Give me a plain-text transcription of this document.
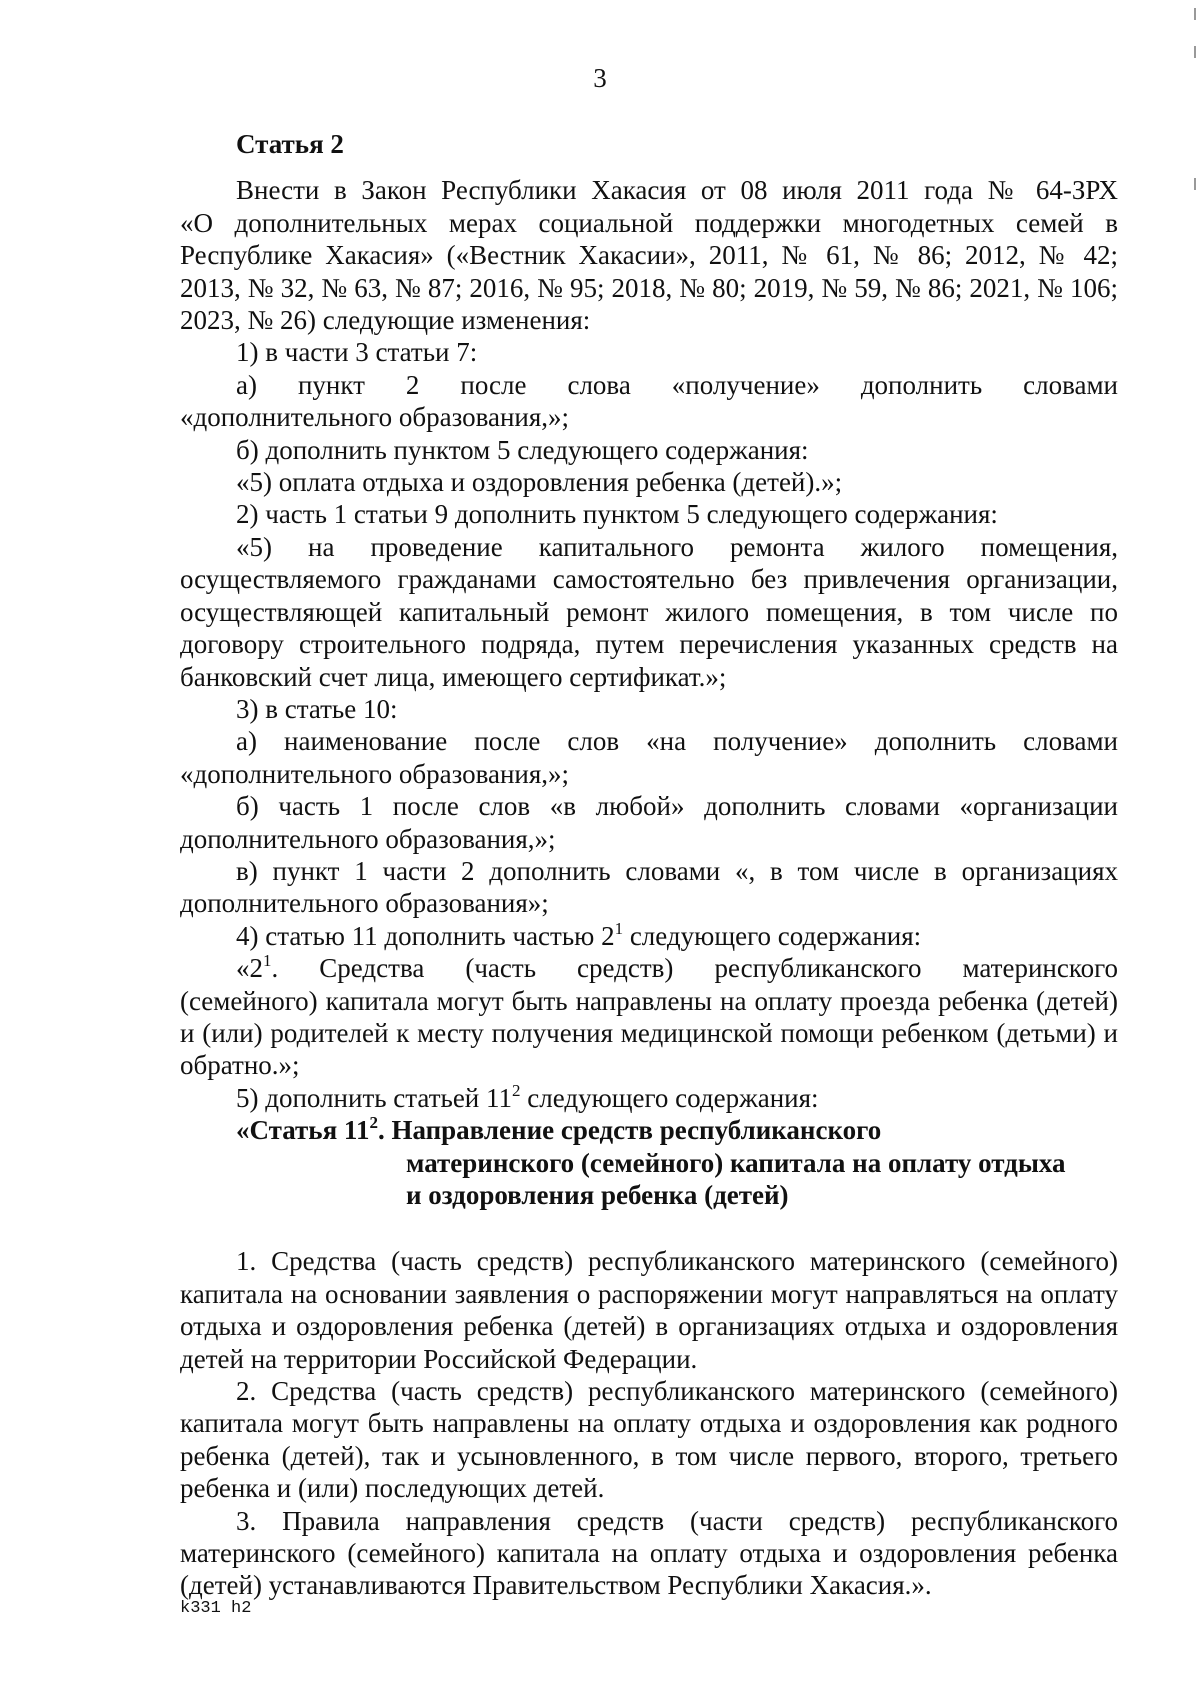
3

Статья 2

Внести в Закон Республики Хакасия от 08 июля 2011 года № 64-ЗРХ

«О дополнительных мерах социальной поддержки многодетных семей в

Республике Хакасия» («Вестник Хакасии», 2011, № 61, № 86; 2012, № 42;

2013, № 32, № 63, № 87; 2016, № 95; 2018, № 80; 2019, № 59, № 86; 2021, № 106;

2023, № 26) следующие изменения:

1) в части 3 статьи 7:

а) пункт 2 после слова «получение» дополнить словами

«дополнительного образования,»;

б) дополнить пунктом 5 следующего содержания:

«5) оплата отдыха и оздоровления ребенка (детей).»;

2) часть 1 статьи 9 дополнить пунктом 5 следующего содержания:

«5) на проведение капитального ремонта жилого помещения,

осуществляемого гражданами самостоятельно без привлечения организации, осуществляющей капитальный ремонт жилого помещения, в том числе по договору строительного подряда, путем перечисления указанных средств на банковский счет лица, имеющего сертификат.»;

3) в статье 10:

а) наименование после слов «на получение» дополнить словами

«дополнительного образования,»;

б) часть 1 после слов «в любой» дополнить словами «организации

дополнительного образования,»;

в) пункт 1 части 2 дополнить словами «, в том числе в организациях

дополнительного образования»;

4) статью 11 дополнить частью $2^1$ следующего содержания:

«$2^1$. Средства (часть средств) республиканского материнского

(семейного) капитала могут быть направлены на оплату проезда ребенка (детей) и (или) родителей к месту получения медицинской помощи ребенком (детьми) и обратно.»;

5) дополнить статьей $11^2$ следующего содержания:

«Статья $11^2$. Направление средств республиканского

материнского (семейного) капитала на оплату отдыха

и оздоровления ребенка (детей)

1. Средства (часть средств) республиканского материнского (семейного) капитала на основании заявления о распоряжении могут направляться на оплату отдыха и оздоровления ребенка (детей) в организациях отдыха и оздоровления детей на территории Российской Федерации.

2. Средства (часть средств) республиканского материнского (семейного) капитала могут быть направлены на оплату отдыха и оздоровления как родного ребенка (детей), так и усыновленного, в том числе первого, второго, третьего ребенка и (или) последующих детей.

3. Правила направления средств (части средств) республиканского материнского (семейного) капитала на оплату отдыха и оздоровления ребенка (детей) устанавливаются Правительством Республики Хакасия.».

k331 h2
